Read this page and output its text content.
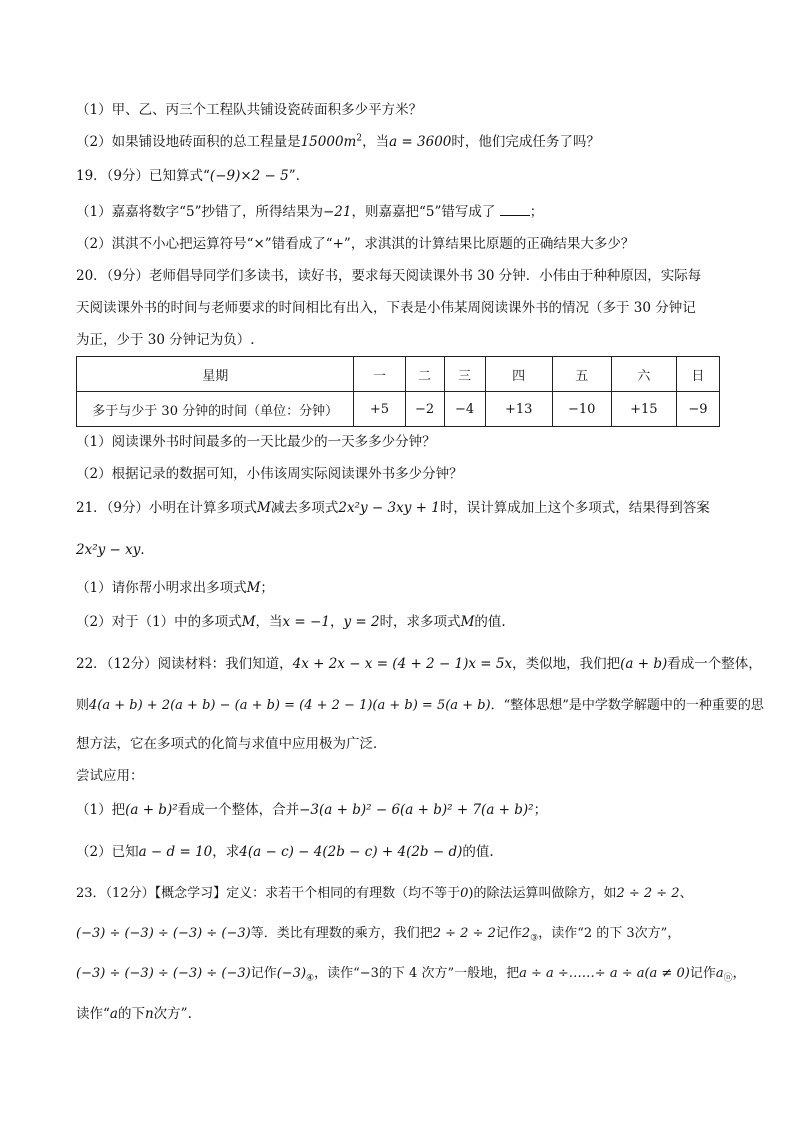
（1）甲、乙、丙三个工程队共铺设瓷砖面积多少平方米？
（2）如果铺设地砖面积的总工程量是$15000m^2$，当a = 3600时，他们完成任务了吗？
19．（9分）已知算式“(−9)×2 − 5”.
（1）嘉嘉将数字“5”抄错了，所得结果为−21，则嘉嘉把“5”错写成了	；
（2）淇淇不小心把运算符号“×”错看成了“+”，求淇淇的计算结果比原题的正确结果大多少？
20．（9分）老师倡导同学们多读书，读好书，要求每天阅读课外书 30 分钟．小伟由于种种原因，实际每
天阅读课外书的时间与老师要求的时间相比有出入，下表是小伟某周阅读课外书的情况（多于 30 分钟记
为正，少于 30 分钟记为负）.
星期	一	二	三	四	五	六	日
多于与少于 30 分钟的时间（单位：分钟）	+5	−2	−4	+13	−10	+15	−9
（1）阅读课外书时间最多的一天比最少的一天多多少分钟？
（2）根据记录的数据可知，小伟该周实际阅读课外书多少分钟？
21．（9分）小明在计算多项式M减去多项式2x²y − 3xy + 1时，误计算成加上这个多项式，结果得到答案
2x²y − xy．
（1）请你帮小明求出多项式M；
（2）对于（1）中的多项式M，当x = −1，y = 2时，求多项式M的值.
22．（12分）阅读材料：我们知道，4x + 2x − x = (4 + 2 − 1)x = 5x，类似地，我们把(a + b)看成一个整体，
则4(a + b) + 2(a + b) − (a + b) = (4 + 2 − 1)(a + b) = 5(a + b)．“整体思想”是中学数学解题中的一种重要的思
想方法，它在多项式的化简与求值中应用极为广泛．
尝试应用：
（1）把(a + b)²看成一个整体，合并−3(a + b)² − 6(a + b)² + 7(a + b)²；
（2）已知a − d = 10，求4(a − c) − 4(2b − c) + 4(2b − d)的值.
23．（12分）【概念学习】定义：求若干个相同的有理数（均不等于0)的除法运算叫做除方，如2 ÷ 2 ÷ 2、
(−3) ÷ (−3) ÷ (−3) ÷ (−3)等．类比有理数的乘方，我们把2 ÷ 2 ÷ 2记作$2_③$，读作“2 的下 3次方”，
(−3) ÷ (−3) ÷ (−3) ÷ (−3)记作$(-3)_④$，读作“−3的下 4 次方”一般地，把a ÷ a ÷……÷ a ÷ a(a ≠ 0)记作$a_ⓝ$，
读作“a的下n次方”.
